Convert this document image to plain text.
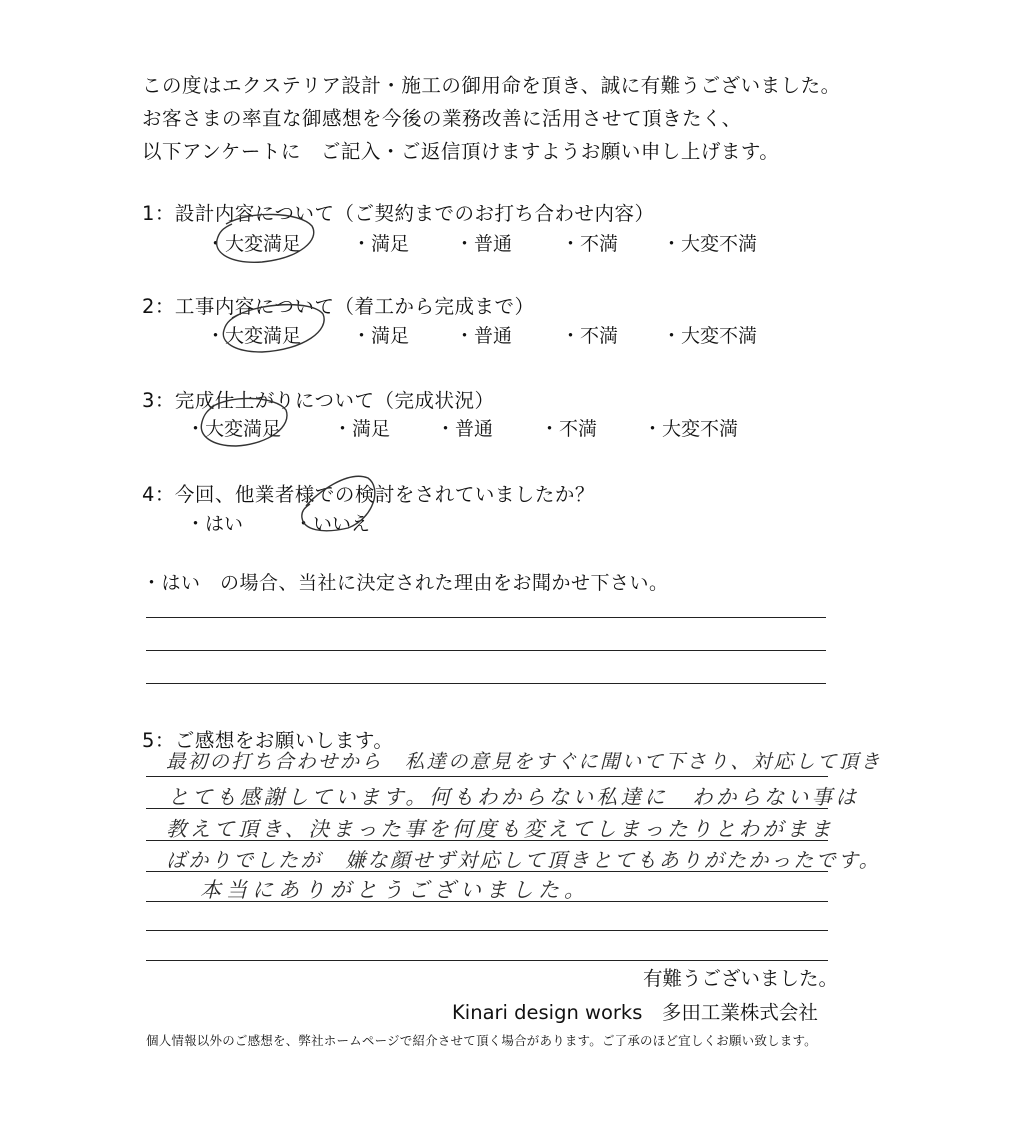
この度はエクステリア設計・施工の御用命を頂き、誠に有難うございました。
お客さまの率直な御感想を今後の業務改善に活用させて頂きたく、
以下アンケートに　ご記入・ご返信頂けますようお願い申し上げます。
1：設計内容について（ご契約までのお打ち合わせ内容）
・大変満足	・満足 ・普通	・不満 ・大変不満
2：工事内容について（着工から完成まで）
・大変満足	・満足 ・普通	・不満 ・大変不満
3：完成仕上がりについて（完成状況）
・大変満足	・満足 ・普通 ・不満 ・大変不満
4：今回、他業者様での検討をされていましたか？
・はい	・いいえ
・はい　の場合、当社に決定された理由をお聞かせ下さい。
5：ご感想をお願いします。
最初の打ち合わせから　私達の意見をすぐに聞いて下さり、対応して頂き
とても感謝しています。何もわからない私達に　わからない事は
教えて頂き、決まった事を何度も変えてしまったりとわがまま
ばかりでしたが　嫌な顔せず対応して頂きとてもありがたかったです。
本当にありがとうございました。
有難うございました。
Kinari design works　多田工業株式会社
個人情報以外のご感想を、弊社ホームページで紹介させて頂く場合があります。ご了承のほど宜しくお願い致します。
